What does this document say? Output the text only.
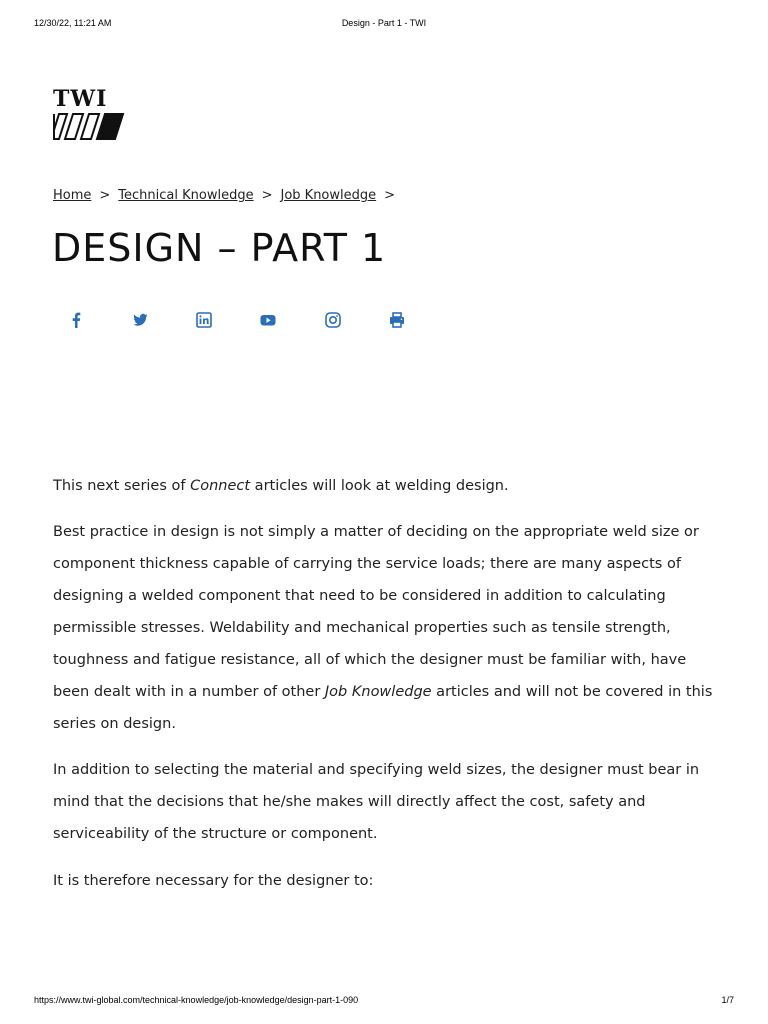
12/30/22, 11:21 AM	Design - Part 1 - TWI
TWI
Home > Technical Knowledge > Job Knowledge >
DESIGN – PART 1

This next series of Connect articles will look at welding design.

Best practice in design is not simply a matter of deciding on the appropriate weld size or component thickness capable of carrying the service loads; there are many aspects of designing a welded component that need to be considered in addition to calculating permissible stresses. Weldability and mechanical properties such as tensile strength, toughness and fatigue resistance, all of which the designer must be familiar with, have been dealt with in a number of other Job Knowledge articles and will not be covered in this series on design.

In addition to selecting the material and specifying weld sizes, the designer must bear in mind that the decisions that he/she makes will directly affect the cost, safety and serviceability of the structure or component.

It is therefore necessary for the designer to:

https://www.twi-global.com/technical-knowledge/job-knowledge/design-part-1-090	1/7
